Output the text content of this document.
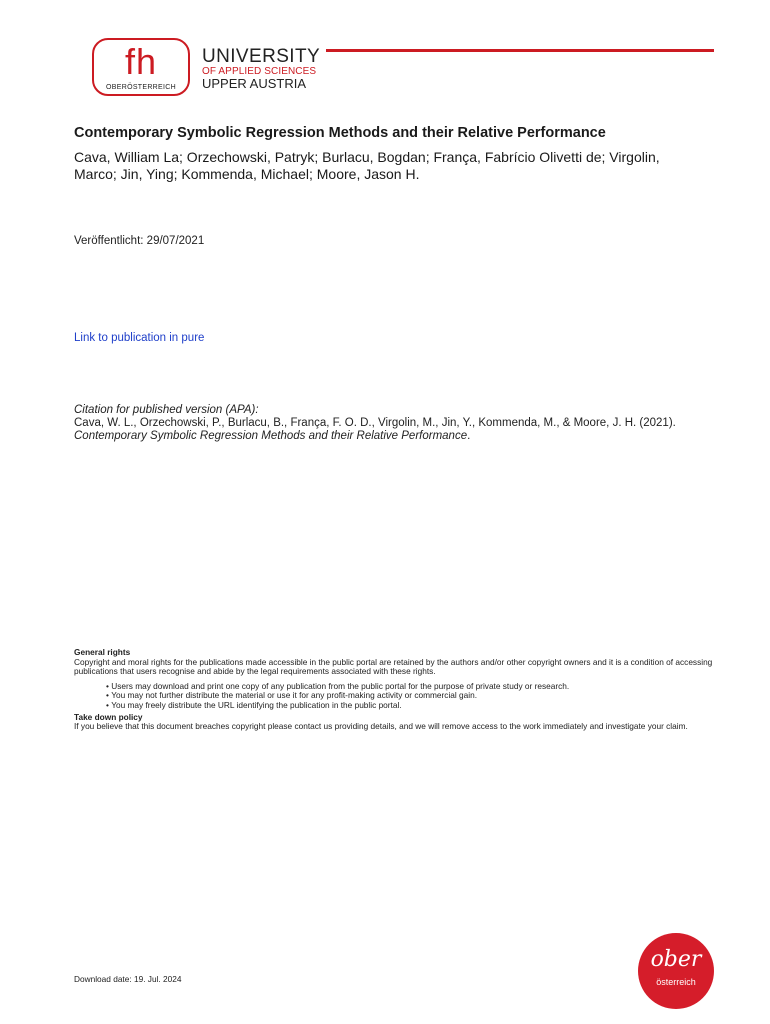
fh
OBERÖSTERREICH
UNIVERSITY
OF APPLIED SCIENCES
UPPER AUSTRIA
Contemporary Symbolic Regression Methods and their Relative Performance
Cava, William La; Orzechowski, Patryk; Burlacu, Bogdan; França, Fabrício Olivetti de; Virgolin, Marco; Jin, Ying; Kommenda, Michael; Moore, Jason H.
Veröffentlicht: 29/07/2021
Link to publication in pure
Citation for published version (APA):
Cava, W. L., Orzechowski, P., Burlacu, B., França, F. O. D., Virgolin, M., Jin, Y., Kommenda, M., & Moore, J. H. (2021). Contemporary Symbolic Regression Methods and their Relative Performance.

General rights

Copyright and moral rights for the publications made accessible in the public portal are retained by the authors and/or other copyright owners and it is a condition of accessing publications that users recognise and abide by the legal requirements associated with these rights.

• Users may download and print one copy of any publication from the public portal for the purpose of private study or research.
• You may not further distribute the material or use it for any profit-making activity or commercial gain.
• You may freely distribute the URL identifying the publication in the public portal.

Take down policy

If you believe that this document breaches copyright please contact us providing details, and we will remove access to the work immediately and investigate your claim.

Download date: 19. Jul. 2024
ober
österreich
